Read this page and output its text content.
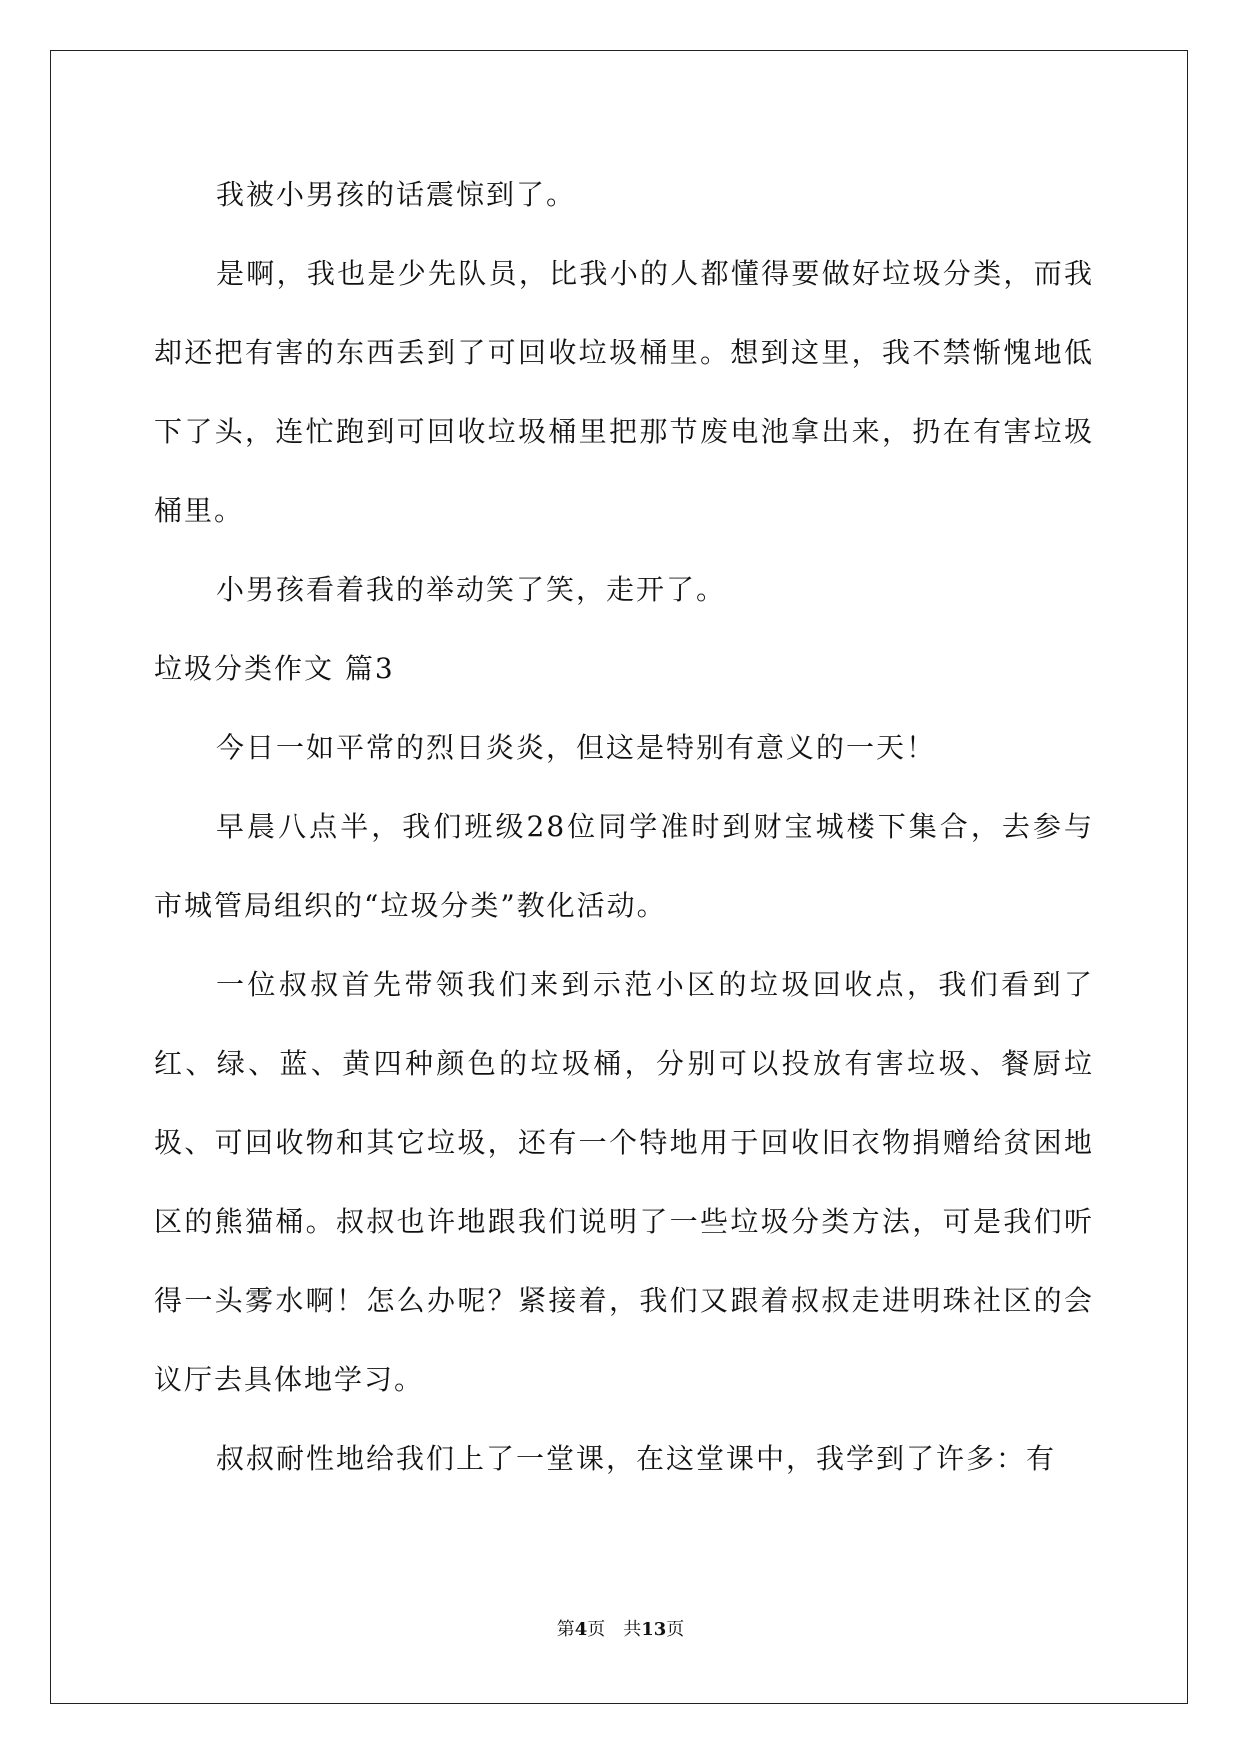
我被小男孩的话震惊到了。

是啊，我也是少先队员，比我小的人都懂得要做好垃圾分类，而我却还把有害的东西丢到了可回收垃圾桶里。想到这里，我不禁惭愧地低下了头，连忙跑到可回收垃圾桶里把那节废电池拿出来，扔在有害垃圾桶里。

小男孩看着我的举动笑了笑，走开了。

垃圾分类作文 篇3

今日一如平常的烈日炎炎，但这是特别有意义的一天！

早晨八点半，我们班级28位同学准时到财宝城楼下集合，去参与市城管局组织的“垃圾分类”教化活动。

一位叔叔首先带领我们来到示范小区的垃圾回收点，我们看到了红、绿、蓝、黄四种颜色的垃圾桶，分别可以投放有害垃圾、餐厨垃圾、可回收物和其它垃圾，还有一个特地用于回收旧衣物捐赠给贫困地区的熊猫桶。叔叔也许地跟我们说明了一些垃圾分类方法，可是我们听得一头雾水啊！怎么办呢？紧接着，我们又跟着叔叔走进明珠社区的会议厅去具体地学习。

叔叔耐性地给我们上了一堂课，在这堂课中，我学到了许多：有

第4页 共13页
